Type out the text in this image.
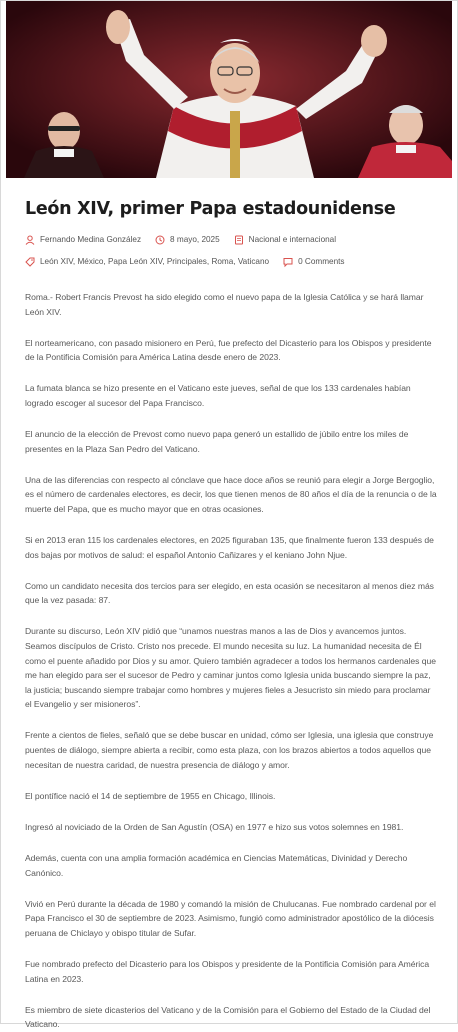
León XIV, primer Papa estadounidense
Fernando Medina González	8 mayo, 2025	Nacional e internacional
León XIV, México, Papa León XIV, Principales, Roma, Vaticano	0 Comments

Roma.- Robert Francis Prevost ha sido elegido como el nuevo papa de la Iglesia Católica y se hará llamar León XIV.

El norteamericano, con pasado misionero en Perú, fue prefecto del Dicasterio para los Obispos y presidente de la Pontificia Comisión para América Latina desde enero de 2023.

La fumata blanca se hizo presente en el Vaticano este jueves, señal de que los 133 cardenales habían logrado escoger al sucesor del Papa Francisco.

El anuncio de la elección de Prevost como nuevo papa generó un estallido de júbilo entre los miles de presentes en la Plaza San Pedro del Vaticano.

Una de las diferencias con respecto al cónclave que hace doce años se reunió para elegir a Jorge Bergoglio, es el número de cardenales electores, es decir, los que tienen menos de 80 años el día de la renuncia o de la muerte del Papa, que es mucho mayor que en otras ocasiones.

Si en 2013 eran 115 los cardenales electores, en 2025 figuraban 135, que finalmente fueron 133 después de dos bajas por motivos de salud: el español Antonio Cañizares y el keniano John Njue.

Como un candidato necesita dos tercios para ser elegido, en esta ocasión se necesitaron al menos diez más que la vez pasada: 87.

Durante su discurso, León XIV pidió que “unamos nuestras manos a las de Dios y avancemos juntos. Seamos discípulos de Cristo. Cristo nos precede. El mundo necesita su luz. La humanidad necesita de Él como el puente añadido por Dios y su amor. Quiero también agradecer a todos los hermanos cardenales que me han elegido para ser el sucesor de Pedro y caminar juntos como Iglesia unida buscando siempre la paz, la justicia; buscando siempre trabajar como hombres y mujeres fieles a Jesucristo sin miedo para proclamar el Evangelio y ser misioneros”.

Frente a cientos de fieles, señaló que se debe buscar en unidad, cómo ser Iglesia, una iglesia que construye puentes de diálogo, siempre abierta a recibir, como esta plaza, con los brazos abiertos a todos aquellos que necesitan de nuestra caridad, de nuestra presencia de diálogo y amor.

El pontífice nació el 14 de septiembre de 1955 en Chicago, Illinois.

Ingresó al noviciado de la Orden de San Agustín (OSA) en 1977 e hizo sus votos solemnes en 1981.

Además, cuenta con una amplia formación académica en Ciencias Matemáticas, Divinidad y Derecho Canónico.

Vivió en Perú durante la década de 1980 y comandó la misión de Chulucanas. Fue nombrado cardenal por el Papa Francisco el 30 de septiembre de 2023. Asimismo, fungió como administrador apostólico de la diócesis peruana de Chiclayo y obispo titular de Sufar.

Fue nombrado prefecto del Dicasterio para los Obispos y presidente de la Pontificia Comisión para América Latina en 2023.

Es miembro de siete dicasterios del Vaticano y de la Comisión para el Gobierno del Estado de la Ciudad del Vaticano.
